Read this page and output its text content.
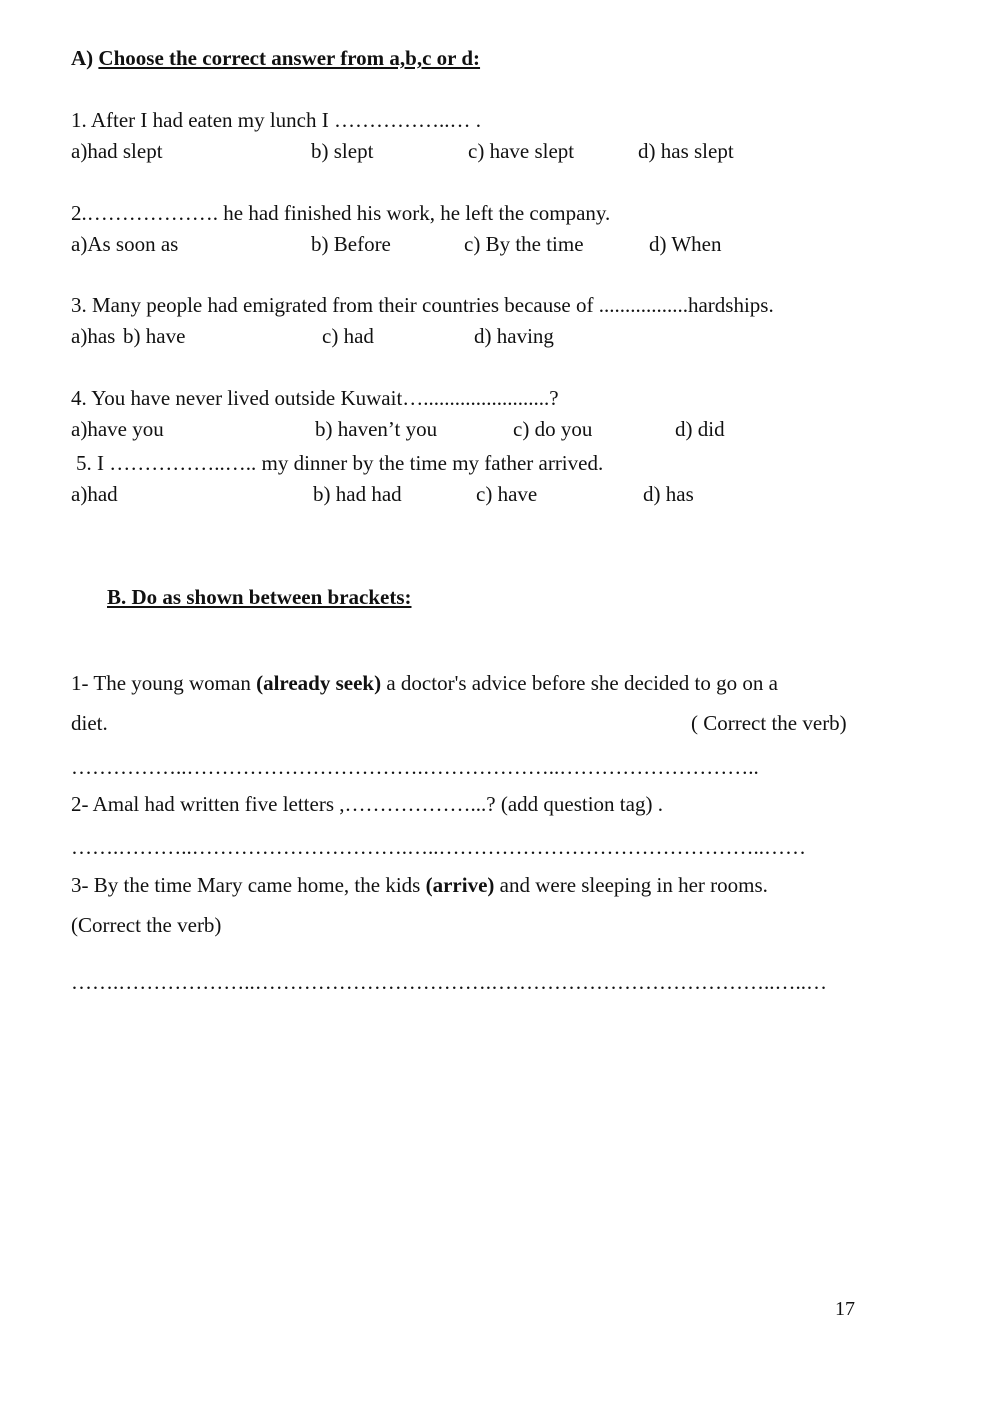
A) Choose the correct answer from a,b,c or d:
1. After I had eaten my lunch I ……………..… .
a)had slept	b) slept	c) have slept	d) has slept
2.………………. he had finished his work, he left the company.
a)As soon as	b) Before	c) By the time	d) When
3. Many people had emigrated from their countries because of .................hardships.
a)has b) have	c) had	d) having
4. You have never lived outside Kuwait…........................?
a)have you	b) haven’t you	c) do you	d) did
5. I ……………..….. my dinner by the time my father arrived.
a)had	b) had had	c) have	d) has
B. Do as shown between brackets:
1- The young woman (already seek) a doctor's advice before she decided to go on a
diet.	( Correct the verb)
……………..…………………………….………………..………………………..
2- Amal had written five letters ,………………...? (add question tag) .
…….………..………………………….…..………………………………………..……
3- By the time Mary came home, the kids (arrive) and were sleeping in her rooms.
(Correct the verb)
…….………………..…………………………….…………………………………..…..…
17
